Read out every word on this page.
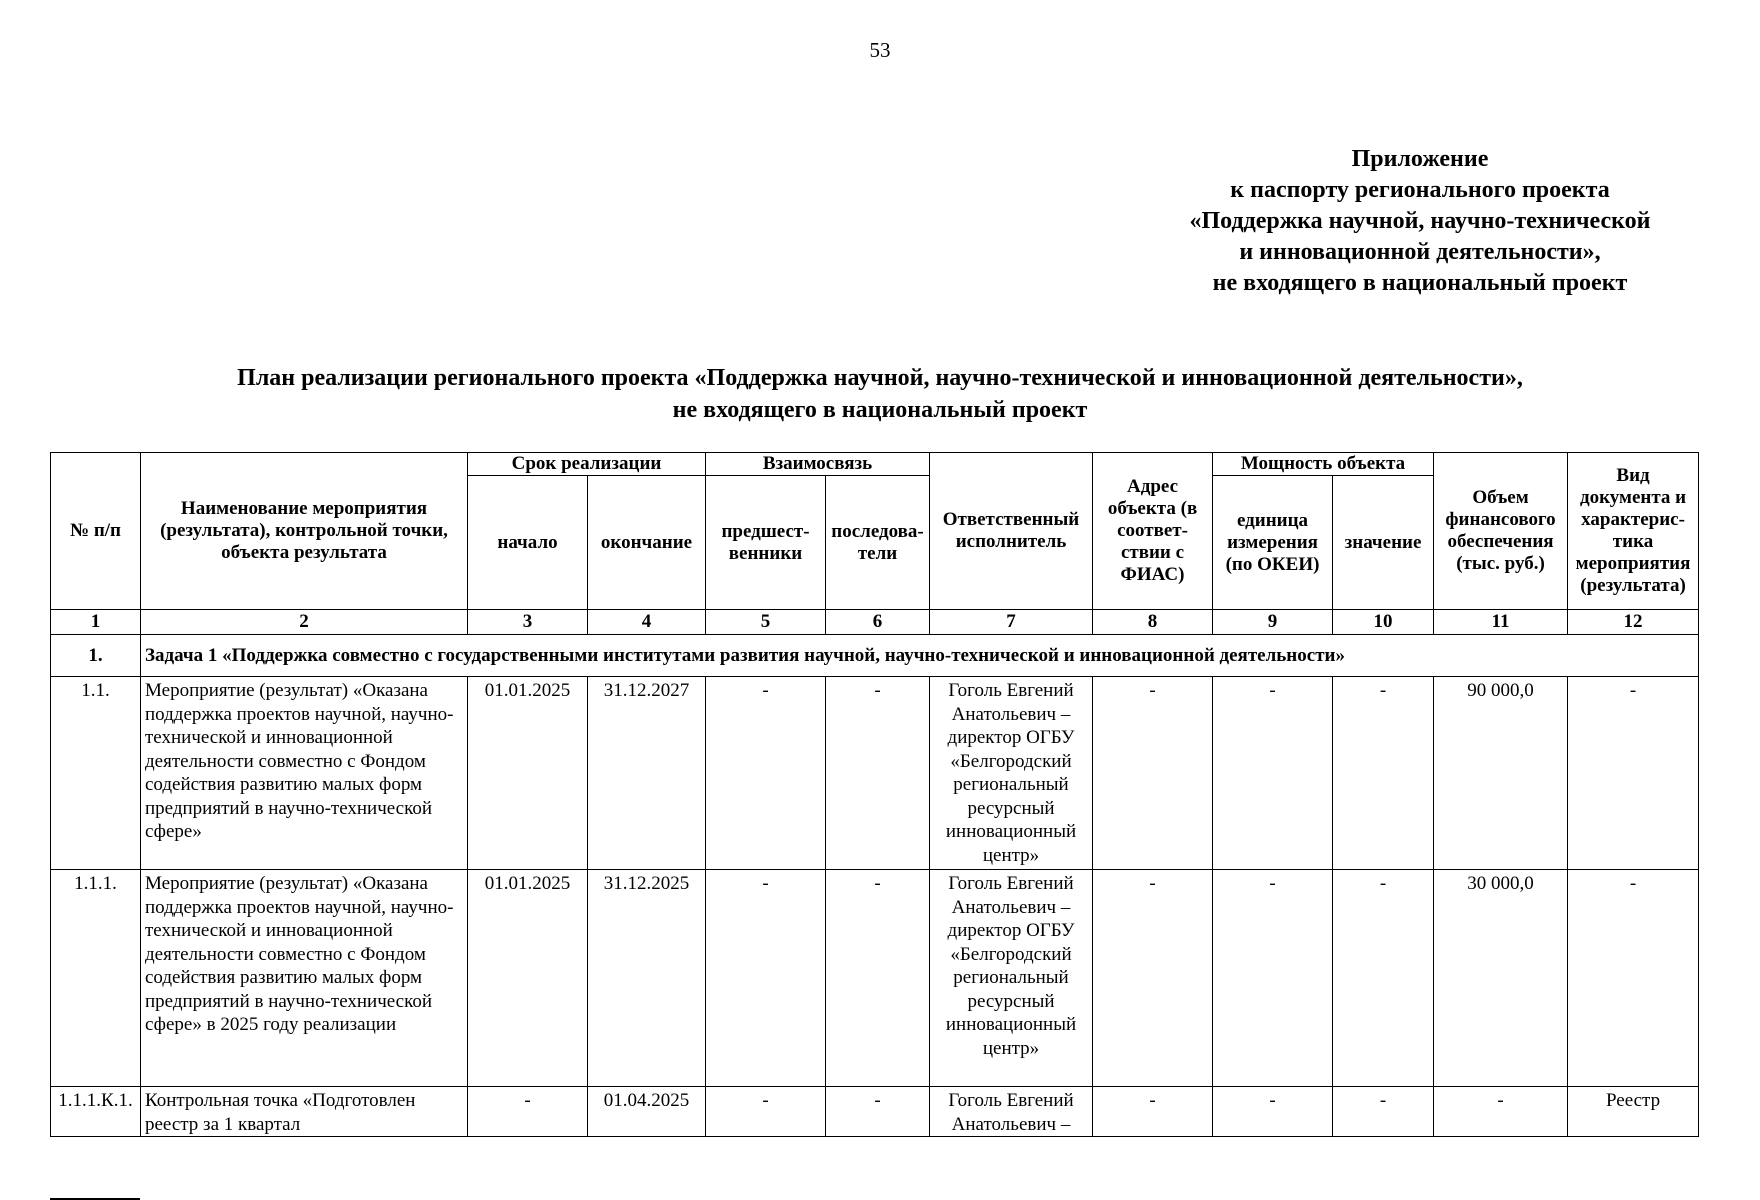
53
Приложение
к паспорту регионального проекта
«Поддержка научной, научно-технической
и инновационной деятельности»,
не входящего в национальный проект
План реализации регионального проекта «Поддержка научной, научно-технической и инновационной деятельности»,
не входящего в национальный проект
№ п/п	Наименование мероприятия (результата), контрольной точки, объекта результата	Срок реализации		Взаимосвязь		Ответственный исполнитель	Адрес объекта (в соответ-ствии с ФИАС)	Мощность объекта		Объем финансового обеспечения (тыс. руб.)	Вид документа и характерис-тика мероприятия (результата)
		начало	окончание	предшест-венники	последова-тели			единица измерения (по ОКЕИ)	значение		
1	2	3	4	5	6	7	8	9	10	11	12
1.	Задача 1 «Поддержка совместно с государственными институтами развития научной, научно-технической и инновационной деятельности»										
1.1.	Мероприятие (результат) «Оказана поддержка проектов научной, научно-технической и инновационной деятельности совместно с Фондом содействия развитию малых форм предприятий в научно-технической сфере»	01.01.2025	31.12.2027	-	-	Гоголь Евгений Анатольевич – директор ОГБУ «Белгородский региональный ресурсный инновационный центр»	-	-	-	90 000,0	-
1.1.1.	Мероприятие (результат) «Оказана поддержка проектов научной, научно-технической и инновационной деятельности совместно с Фондом содействия развитию малых форм предприятий в научно-технической сфере» в 2025 году реализации	01.01.2025	31.12.2025	-	-	Гоголь Евгений Анатольевич – директор ОГБУ «Белгородский региональный ресурсный инновационный центр»	-	-	-	30 000,0	-
1.1.1.К.1.	Контрольная точка «Подготовлен реестр за 1 квартал	-	01.04.2025	-	-	Гоголь Евгений Анатольевич –	-	-	-	-	Реестр
